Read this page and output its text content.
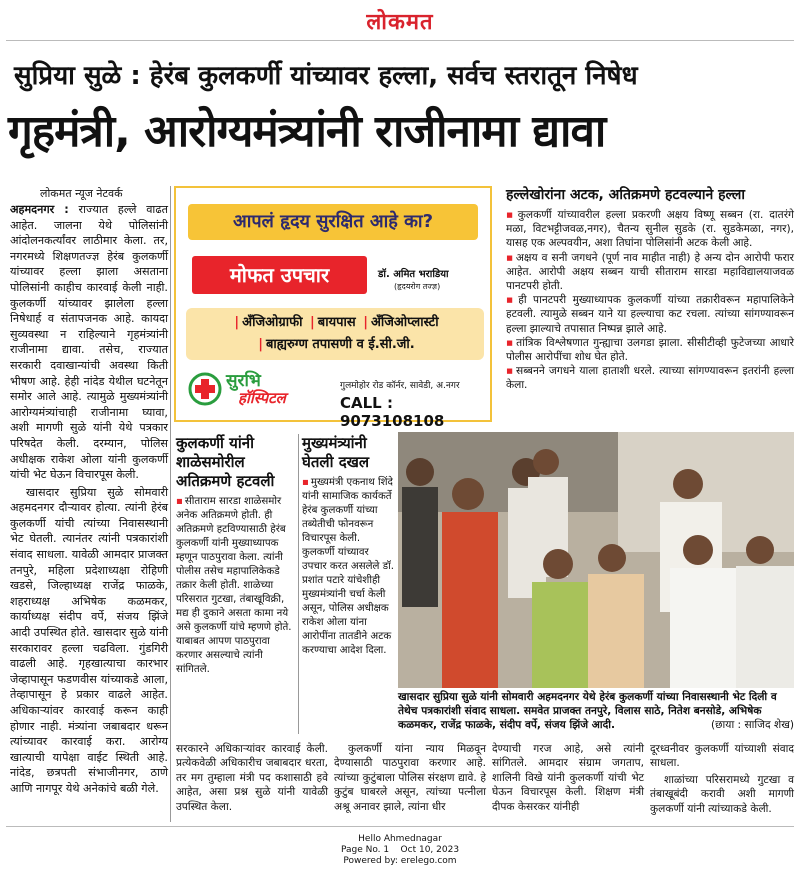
लोकमत
सुप्रिया सुळे : हेरंब कुलकर्णी यांच्यावर हल्ला, सर्वच स्तरातून निषेध
गृहमंत्री, आरोग्यमंत्र्यांनी राजीनामा द्यावा
लोकमत न्यूज नेटवर्क
अहमदनगर : राज्यात हल्ले वाढत आहेत. जालना येथे पोलिसांनी आंदोलनकर्त्यांवर लाठीमार केला. तर, नगरमध्ये शिक्षणतज्ज्ञ हेरंब कुलकर्णी यांच्यावर हल्ला झाला असताना पोलिसांनी काहीच कारवाई केली नाही. कुलकर्णी यांच्यावर झालेला हल्ला निषेधार्ह व संतापजनक आहे. कायदा सुव्यवस्था न राहिल्याने गृहमंत्र्यांनी राजीनामा द्यावा. तसेच, राज्यात सरकारी दवाखान्यांची अवस्था किती भीषण आहे. हेही नांदेड येथील घटनेतून समोर आले आहे. त्यामुळे मुख्यमंत्र्यांनी आरोग्यमंत्र्यांचाही राजीनामा घ्यावा, अशी मागणी सुळे यांनी येथे पत्रकार परिषदेत केली. दरम्यान, पोलिस अधीक्षक राकेश ओला यांनी कुलकर्णी यांची भेट घेऊन विचारपूस केली.
खासदार सुप्रिया सुळे सोमवारी अहमदनगर दौऱ्यावर होत्या. त्यांनी हेरंब कुलकर्णी यांची त्यांच्या निवासस्थानी भेट घेतली. त्यानंतर त्यांनी पत्रकारांशी संवाद साधला. यावेळी आमदार प्राजक्त तनपुरे, महिला प्रदेशाध्यक्षा रोहिणी खडसे, जिल्हाध्यक्ष राजेंद्र फाळके, शहराध्यक्ष अभिषेक कळमकर, कार्याध्यक्ष संदीप वर्पे, संजय झिंजे आदी उपस्थित होते. खासदार सुळे यांनी सरकारावर हल्ला चढविला. गुंडगिरी वाढली आहे. गृहखात्याचा कारभार जेव्हापासून फडणवीस यांच्याकडे आला, तेव्हापासून हे प्रकार वाढले आहेत. अधिकाऱ्यांवर कारवाई करून काही होणार नाही. मंत्र्यांना जबाबदार धरून त्यांच्यावर कारवाई करा. आरोग्य खात्याची यापेक्षा वाईट स्थिती आहे. नांदेड, छत्रपती संभाजीनगर, ठाणे आणि नागपूर येथे अनेकांचे बळी गेले.
आपलं हृदय सुरक्षित आहे का?
मोफत उपचार	डॉ. अमित भराडिया
(हृदयरोग तज्ज्ञ)
| अँजिओग्राफी | बायपास | अँजिओप्लास्टी
| बाह्यरुग्ण तपासणी व ई.सी.जी.
सुरभि
हॉस्पिटल
गुलमोहोर रोड कॉर्नर, सावेडी, अ.नगर
CALL : 9073108108
हल्लेखोरांना अटक, अतिक्रमणे हटवल्याने हल्ला
▪ कुलकर्णी यांच्यावरील हल्ला प्रकरणी अक्षय विष्णू सब्बन (रा. दातरंगे मळा, विटभट्टीजवळ,नगर), चैतन्य सुनील सुडके (रा. सुडकेमळा, नगर), यासह एक अल्पवयीन, अशा तिघांना पोलिसांनी अटक केली आहे.
▪ अक्षय व सनी जगधने (पूर्ण नाव माहीत नाही) हे अन्य दोन आरोपी फरार आहेत. आरोपी अक्षय सब्बन याची सीताराम सारडा महाविद्यालयाजवळ पानटपरी होती.
▪ ही पानटपरी मुख्याध्यापक कुलकर्णी यांच्या तक्रारीवरून महापालिकेने हटवली. त्यामुळे सब्बन याने या हल्ल्याचा कट रचला. त्यांच्या सांगण्यावरून हल्ला झाल्याचे तपासात निष्पन्न झाले आहे.
▪ तांत्रिक विश्लेषणात गुन्ह्याचा उलगडा झाला. सीसीटीव्ही फुटेजच्या आधारे पोलीस आरोपींचा शोध घेत होते.
▪ सब्बनने जगधने याला हाताशी धरले. त्याच्या सांगण्यावरून इतरांनी हल्ला केला.
कुलकर्णी यांनी शाळेसमोरील अतिक्रमणे हटवली
▪ सीताराम सारडा शाळेसमोर अनेक अतिक्रमणे होती. ही अतिक्रमणे हटविण्यासाठी हेरंब कुलकर्णी यांनी मुख्याध्यापक म्हणून पाठपुरावा केला. त्यांनी पोलीस तसेच महापालिकेकडे तक्रार केली होती. शाळेच्या परिसरात गुटखा, तंबाखूविक्री, मद्य ही दुकाने असता कामा नये असे कुलकर्णी यांचे म्हणणे होते. याबाबत आपण पाठपुरावा करणार असल्याचे त्यांनी सांगितले.
मुख्यमंत्र्यांनी घेतली दखल
▪ मुख्यमंत्री एकनाथ शिंदे यांनी सामाजिक कार्यकर्ते हेरंब कुलकर्णी यांच्या तब्येतीची फोनवरून विचारपूस केली. कुलकर्णी यांच्यावर उपचार करत असलेले डॉ. प्रशांत पटारे यांचेशीही मुख्यमंत्र्यांनी चर्चा केली असून, पोलिस अधीक्षक राकेश ओला यांना आरोपींना तातडीने अटक करण्याचा आदेश दिला.
खासदार सुप्रिया सुळे यांनी सोमवारी अहमदनगर येथे हेरंब कुलकर्णी यांच्या निवासस्थानी भेट दिली व तेथेच पत्रकारांशी संवाद साधला. समवेत प्राजक्त तनपुरे, विलास साठे, नितेश बनसोडे, अभिषेक कळमकर, राजेंद्र फाळके, संदीप वर्पे, संजय झिंजे आदी.	(छाया : साजिद शेख)
सरकारने अधिकाऱ्यांवर कारवाई केली. प्रत्येकवेळी अधिकारीच जबाबदार धरता, तर मग तुम्हाला मंत्री पद कशासाठी हवे आहेत, असा प्रश्न सुळे यांनी यावेळी उपस्थित केला.
कुलकर्णी यांना न्याय मिळवून देण्यासाठी पाठपुरावा करणार आहे. त्यांच्या कुटुंबाला पोलिस संरक्षण द्यावे. हे कुटुंब घाबरले असून, त्यांच्या पत्नीला अश्रू अनावर झाले, त्यांना धीर
देण्याची गरज आहे, असे त्यांनी सांगितले. आमदार संग्राम जगताप, शालिनी विखे यांनी कुलकर्णी यांची भेट घेऊन विचारपूस केली. शिक्षण मंत्री दीपक केसरकर यांनीही
दूरध्वनीवर कुलकर्णी यांच्याशी संवाद साधला.
शाळांच्या परिसरामध्ये गुटखा व तंबाखूबंदी करावी अशी मागणी कुलकर्णी यांनी त्यांच्याकडे केली.
Hello Ahmednagar
Page No. 1    Oct 10, 2023
Powered by: erelego.com
